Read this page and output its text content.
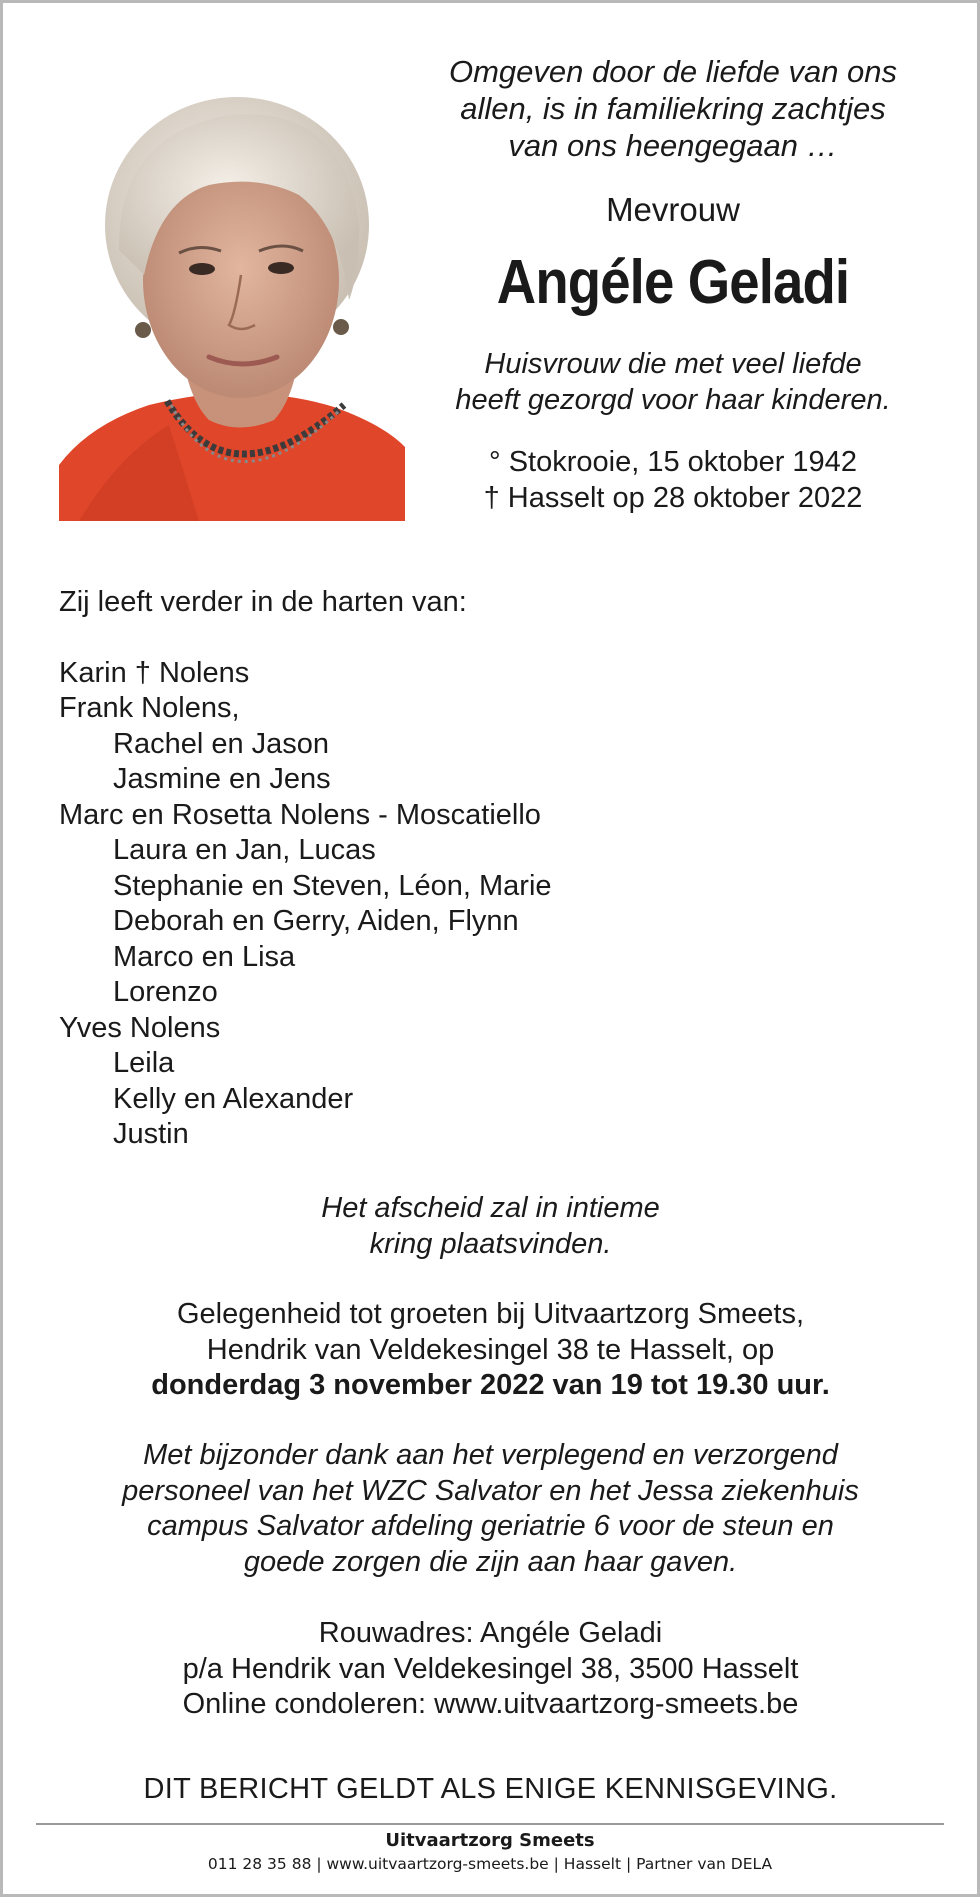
Omgeven door de liefde van ons
allen, is in familiekring zachtjes
van ons heengegaan …

Mevrouw
Angéle Geladi
Huisvrouw die met veel liefde
heeft gezorgd voor haar kinderen.
° Stokrooie, 15 oktober 1942
† Hasselt op 28 oktober 2022
Zij leeft verder in de harten van:
Karin † Nolens
Frank Nolens,
Rachel en Jason
Jasmine en Jens
Marc en Rosetta Nolens - Moscatiello
Laura en Jan, Lucas
Stephanie en Steven, Léon, Marie
Deborah en Gerry, Aiden, Flynn
Marco en Lisa
Lorenzo
Yves Nolens
Leila
Kelly en Alexander
Justin
Het afscheid zal in intieme
kring plaatsvinden.
Gelegenheid tot groeten bij Uitvaartzorg Smeets,
Hendrik van Veldekesingel 38 te Hasselt, op
donderdag 3 november 2022 van 19 tot 19.30 uur.
Met bijzonder dank aan het verplegend en verzorgend
personeel van het WZC Salvator en het Jessa ziekenhuis
campus Salvator afdeling geriatrie 6 voor de steun en
goede zorgen die zijn aan haar gaven.
Rouwadres: Angéle Geladi
p/a Hendrik van Veldekesingel 38, 3500 Hasselt
Online condoleren: www.uitvaartzorg-smeets.be
DIT BERICHT GELDT ALS ENIGE KENNISGEVING.
Uitvaartzorg Smeets
011 28 35 88 | www.uitvaartzorg-smeets.be | Hasselt | Partner van DELA
